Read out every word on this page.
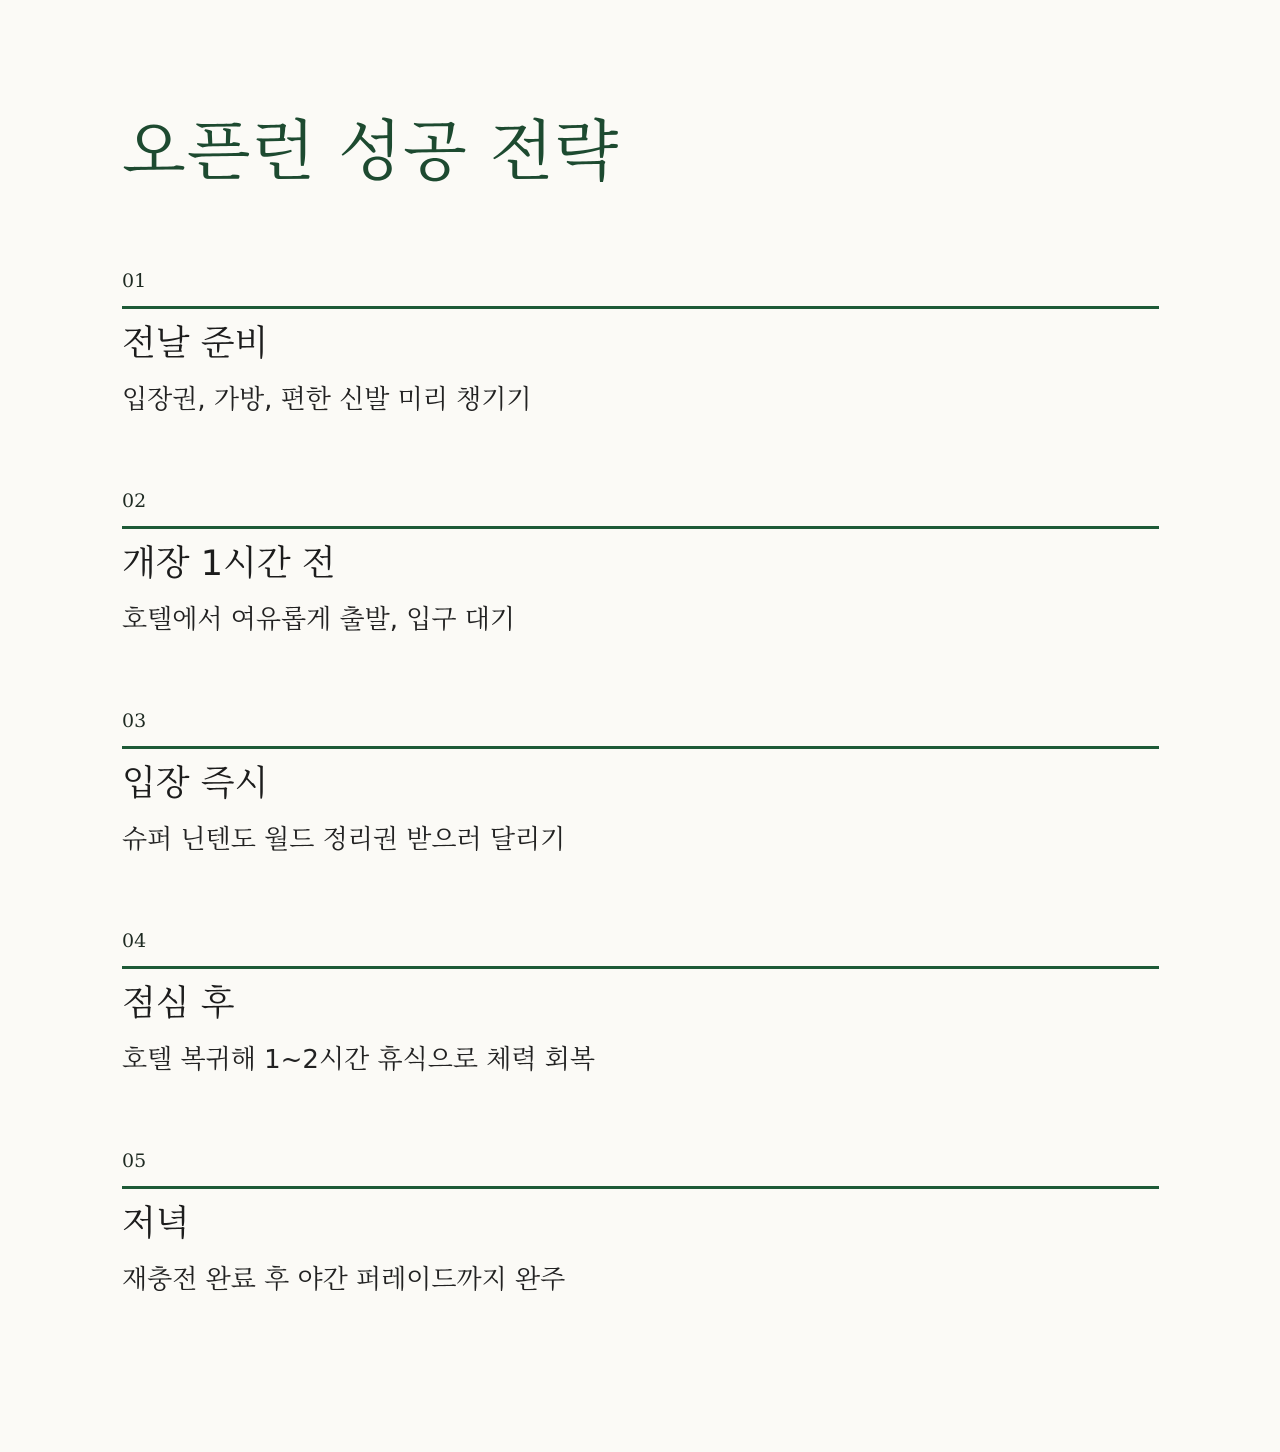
오픈런 성공 전략
01
전날 준비
입장권, 가방, 편한 신발 미리 챙기기
02
개장 1시간 전
호텔에서 여유롭게 출발, 입구 대기
03
입장 즉시
슈퍼 닌텐도 월드 정리권 받으러 달리기
04
점심 후
호텔 복귀해 1~2시간 휴식으로 체력 회복
05
저녁
재충전 완료 후 야간 퍼레이드까지 완주
